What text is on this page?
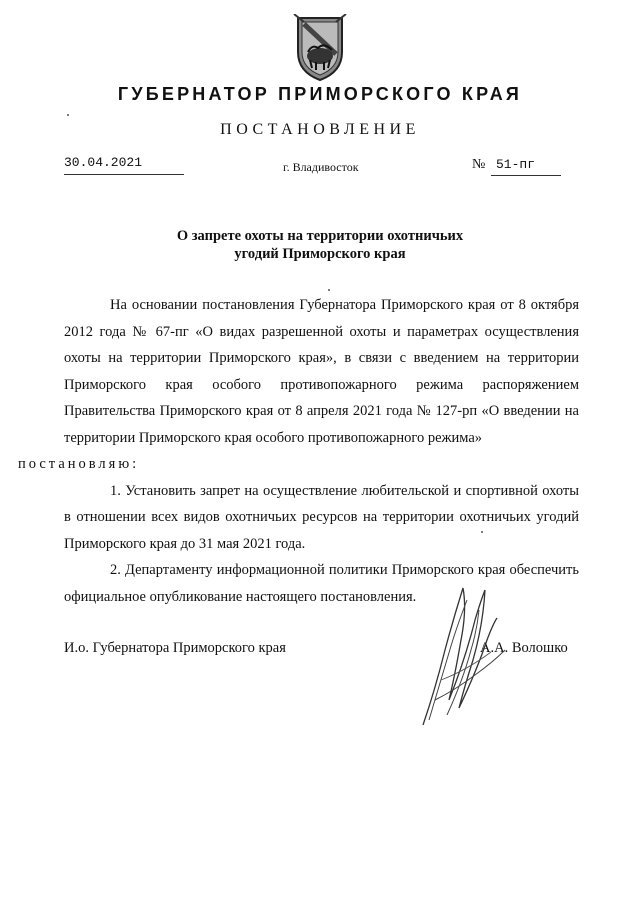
ГУБЕРНАТОР ПРИМОРСКОГО КРАЯ
ПОСТАНОВЛЕНИЕ
30.04.2021	г. Владивосток	№ 51-пг
О запрете охоты на территории охотничьих
угодий Приморского края

На основании постановления Губернатора Приморского края от 8 октября 2012 года № 67-пг «О видах разрешенной охоты и параметрах осуществления охоты на территории Приморского края», в связи с введением на территории Приморского края особого противопожарного режима распоряжением Правительства Приморского края от 8 апреля 2021 года № 127-рп «О введении на территории Приморского края особого противопожарного режима»
постановляю:

1. Установить запрет на осуществление любительской и спортивной охоты в отношении всех видов охотничьих ресурсов на территории охотничьих угодий Приморского края до 31 мая 2021 года.

2. Департаменту информационной политики Приморского края обеспечить официальное опубликование настоящего постановления.

И.о. Губернатора Приморского края	А.А. Волошко
